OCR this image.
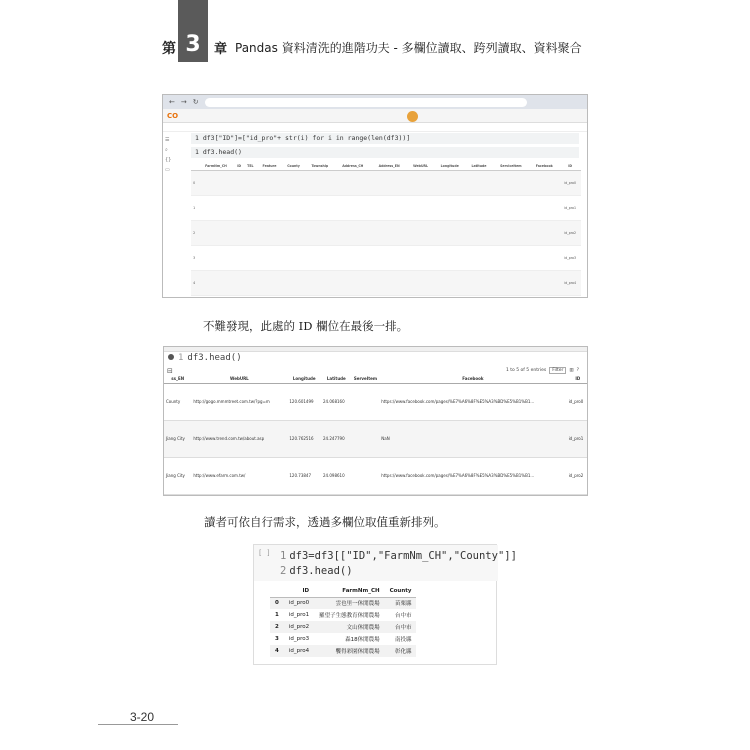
第 3	章 Pandas 資料清洗的進階功夫 - 多欄位讀取、跨列讀取、資料聚合
← → ↻
CO
☰
⌕
{}
▭
1 df3["ID"]=["id_pro"+ str(i) for i in range(len(df3))]
1 df3.head()
	FarmNm_CH	ID	TEL	Feature	County	Township	Address_CH	Address_EN	WebURL	Longitude	Latitude	ServiceItem	Facebook	ID
0														id_pro0
1														id_pro1
2														id_pro2
3														id_pro3
4														id_pro4
不難發現，此處的 ID 欄位在最後一排。
1 df3.head()
⊟	1 to 5 of 5 entries	Filter	▥ ?
ss_EN	WebURL	Longitude	Latitude	ServeItem	Facebook	ID
County	http://gogo.mmmtreet.com.tw/?pg=m	120.601499	24.068160		https://www.facebook.com/pages/%E7%A6%8F%E5%A3%BD%E5%B1%B1...	id_pro0
Jiang City	http://www.trend.com.tw/about.asp	120.762516	24.247790		NaN	id_pro1
Jiang City	http://www.efarm.com.tw/	120.73847	24.098610		https://www.facebook.com/pages/%E7%A6%8F%E5%A3%BD%E5%B1%B1...	id_pro2
讀者可依自行需求，透過多欄位取值重新排列。
[ ] 1 df3=df3[["ID","FarmNm_CH","County"]]
2 df3.head()
	ID	FarmNm_CH	County
0	id_pro0	雲也里一休閒農場	苗栗縣
1	id_pro1	羅望子生態教育休閒農場	台中市
2	id_pro2	文山休閒農場	台中市
3	id_pro3	森18休閒農場	南投縣
4	id_pro4	饗得彩園休閒農場	彰化縣
3-20
